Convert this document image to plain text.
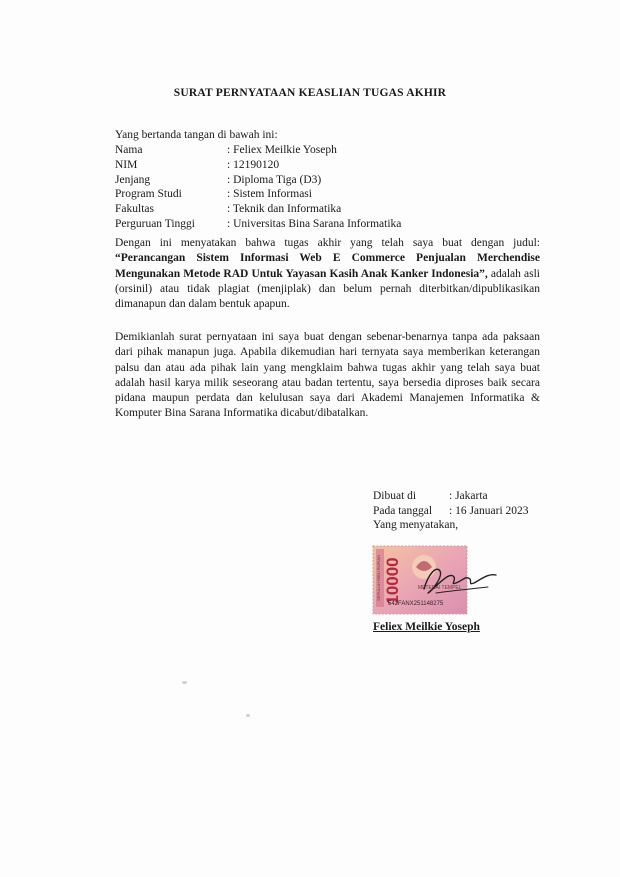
SURAT PERNYATAAN KEASLIAN TUGAS AKHIR
Yang bertanda tangan di bawah ini:
Nama	: Feliex Meilkie Yoseph
NIM	: 12190120
Jenjang	: Diploma Tiga (D3)
Program Studi	: Sistem Informasi
Fakultas	: Teknik dan Informatika
Perguruan Tinggi	: Universitas Bina Sarana Informatika

Dengan ini menyatakan bahwa tugas akhir yang telah saya buat dengan judul: “Perancangan Sistem Informasi Web E Commerce Penjualan Merchendise Mengunakan Metode RAD Untuk Yayasan Kasih Anak Kanker Indonesia”, adalah asli (orsinil) atau tidak plagiat (menjiplak) dan belum pernah diterbitkan/dipublikasikan dimanapun dan dalam bentuk apapun.

Demikianlah surat pernyataan ini saya buat dengan sebenar-benarnya tanpa ada paksaan dari pihak manapun juga. Apabila dikemudian hari ternyata saya memberikan keterangan palsu dan atau ada pihak lain yang mengklaim bahwa tugas akhir yang telah saya buat adalah hasil karya milik seseorang atau badan tertentu, saya bersedia diproses baik secara pidana maupun perdata dan kelulusan saya dari Akademi Manajemen Informatika & Komputer Bina Sarana Informatika dicabut/dibatalkan.

Dibuat di	: Jakarta
Pada tanggal	: 16 Januari 2023
Yang menyatakan,	
SEPULUH RIBU RUPIAH 10000	METERAI TEMPEL
542FANX251148275
Feliex Meilkie Yoseph
